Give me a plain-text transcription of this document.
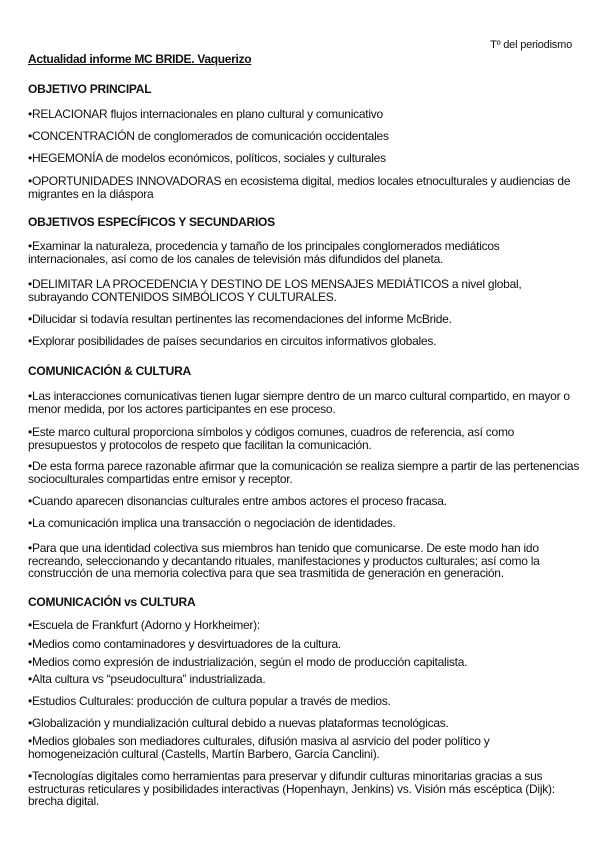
Tº del periodismo
Actualidad informe MC BRIDE. Vaquerizo
OBJETIVO PRINCIPAL
•RELACIONAR flujos internacionales en plano cultural y comunicativo
•CONCENTRACIÓN de conglomerados de comunicación occidentales
•HEGEMONÍA de modelos económicos, políticos, sociales y culturales
•OPORTUNIDADES INNOVADORAS en ecosistema digital, medios locales etnoculturales y audiencias de migrantes en la diáspora
OBJETIVOS ESPECÍFICOS Y SECUNDARIOS
•Examinar la naturaleza, procedencia y tamaño de los principales conglomerados mediáticos internacionales, así como de los canales de televisión más difundidos del planeta.
•DELIMITAR LA PROCEDENCIA Y DESTINO DE LOS MENSAJES MEDIÁTICOS a nivel global, subrayando CONTENIDOS SIMBÓLICOS Y CULTURALES.
•Dilucidar si todavía resultan pertinentes las recomendaciones del informe McBride.
•Explorar posibilidades de países secundarios en circuitos informativos globales.
COMUNICACIÓN & CULTURA
•Las interacciones comunicativas tienen lugar siempre dentro de un marco cultural compartido, en mayor o menor medida, por los actores participantes en ese proceso.
•Este marco cultural proporciona símbolos y códigos comunes, cuadros de referencia, así como presupuestos y protocolos de respeto que facilitan la comunicación.
•De esta forma parece razonable afirmar que la comunicación se realiza siempre a partir de las pertenencias socioculturales compartidas entre emisor y receptor.
•Cuando aparecen disonancias culturales entre ambos actores el proceso fracasa.
•La comunicación implica una transacción o negociación de identidades.
•Para que una identidad colectiva sus miembros han tenido que comunicarse. De este modo han ido recreando, seleccionando y decantando rituales, manifestaciones y productos culturales; así como la construcción de una memoria colectiva para que sea trasmitida de generación en generación.
COMUNICACIÓN vs CULTURA
•Escuela de Frankfurt (Adorno y Horkheimer):
•Medios como contaminadores y desvirtuadores de la cultura.
•Medios como expresión de industrialización, según el modo de producción capitalista.
•Alta cultura vs “pseudocultura” industrializada.
•Estudios Culturales: producción de cultura popular a través de medios.
•Globalización y mundialización cultural debido a nuevas plataformas tecnológicas.
•Medios globales son mediadores culturales, difusión masiva al asrvicio del poder político y homogeneización cultural (Castells, Martín Barbero, García Canclini).
•Tecnologías digitales como herramientas para preservar y difundir culturas minoritarias gracias a sus estructuras reticulares y posibilidades interactivas (Hopenhayn, Jenkins) vs. Visión más escéptica (Dijk): brecha digital.
